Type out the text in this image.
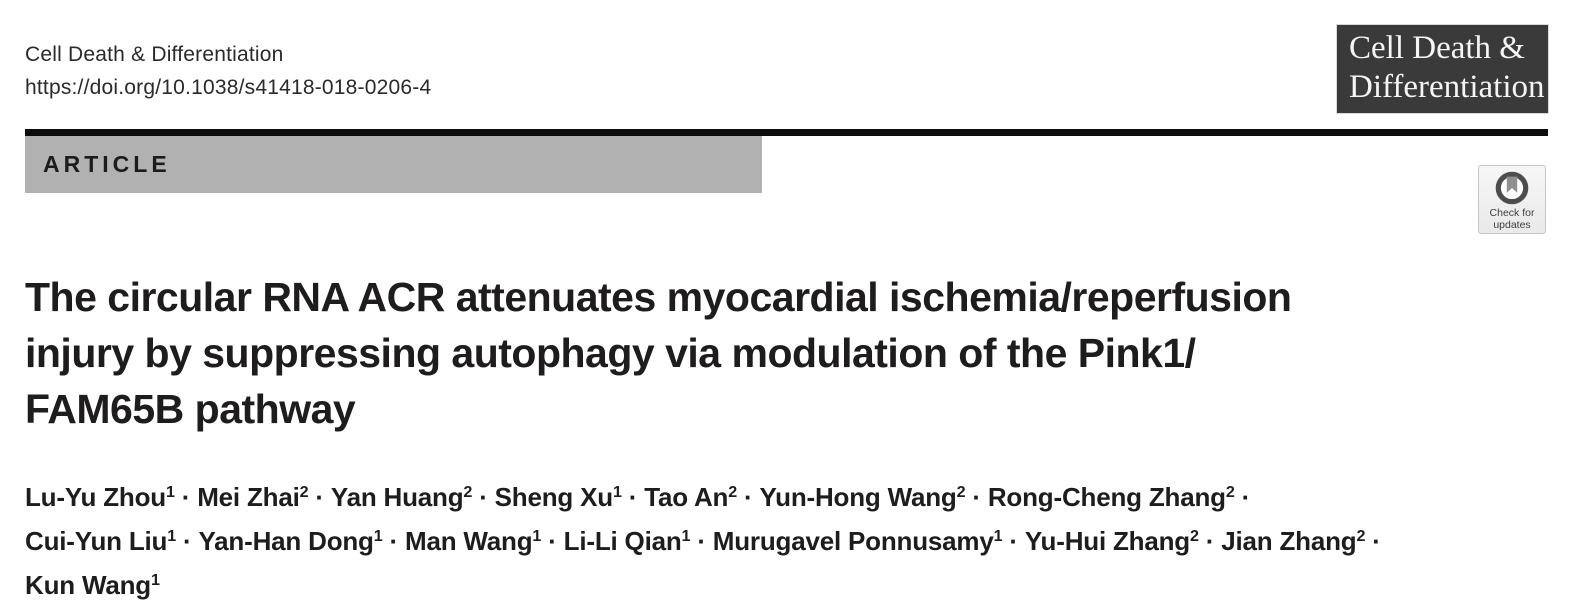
Cell Death & Differentiation
https://doi.org/10.1038/s41418-018-0206-4
Cell Death &
Differentiation
ARTICLE
Check for
updates
The circular RNA ACR attenuates myocardial ischemia/reperfusion
injury by suppressing autophagy via modulation of the Pink1/
FAM65B pathway
Lu-Yu Zhou$^1$ · Mei Zhai$^2$ · Yan Huang$^2$ · Sheng $Xu^1$ · Tao $An^2$ · Yun-Hong Wang$^2$ · Rong-Cheng Zhang$^2$ ·
Cui-Yun Liu$^1$ · Yan-Han Dong$^1$ · Man Wang$^1$ · Li-Li Qian$^1$ · Murugavel Ponnusamy$^1$ · Yu-Hui Zhang$^2$ · Jian Zhang$^2$ ·
Kun Wang$^1$
